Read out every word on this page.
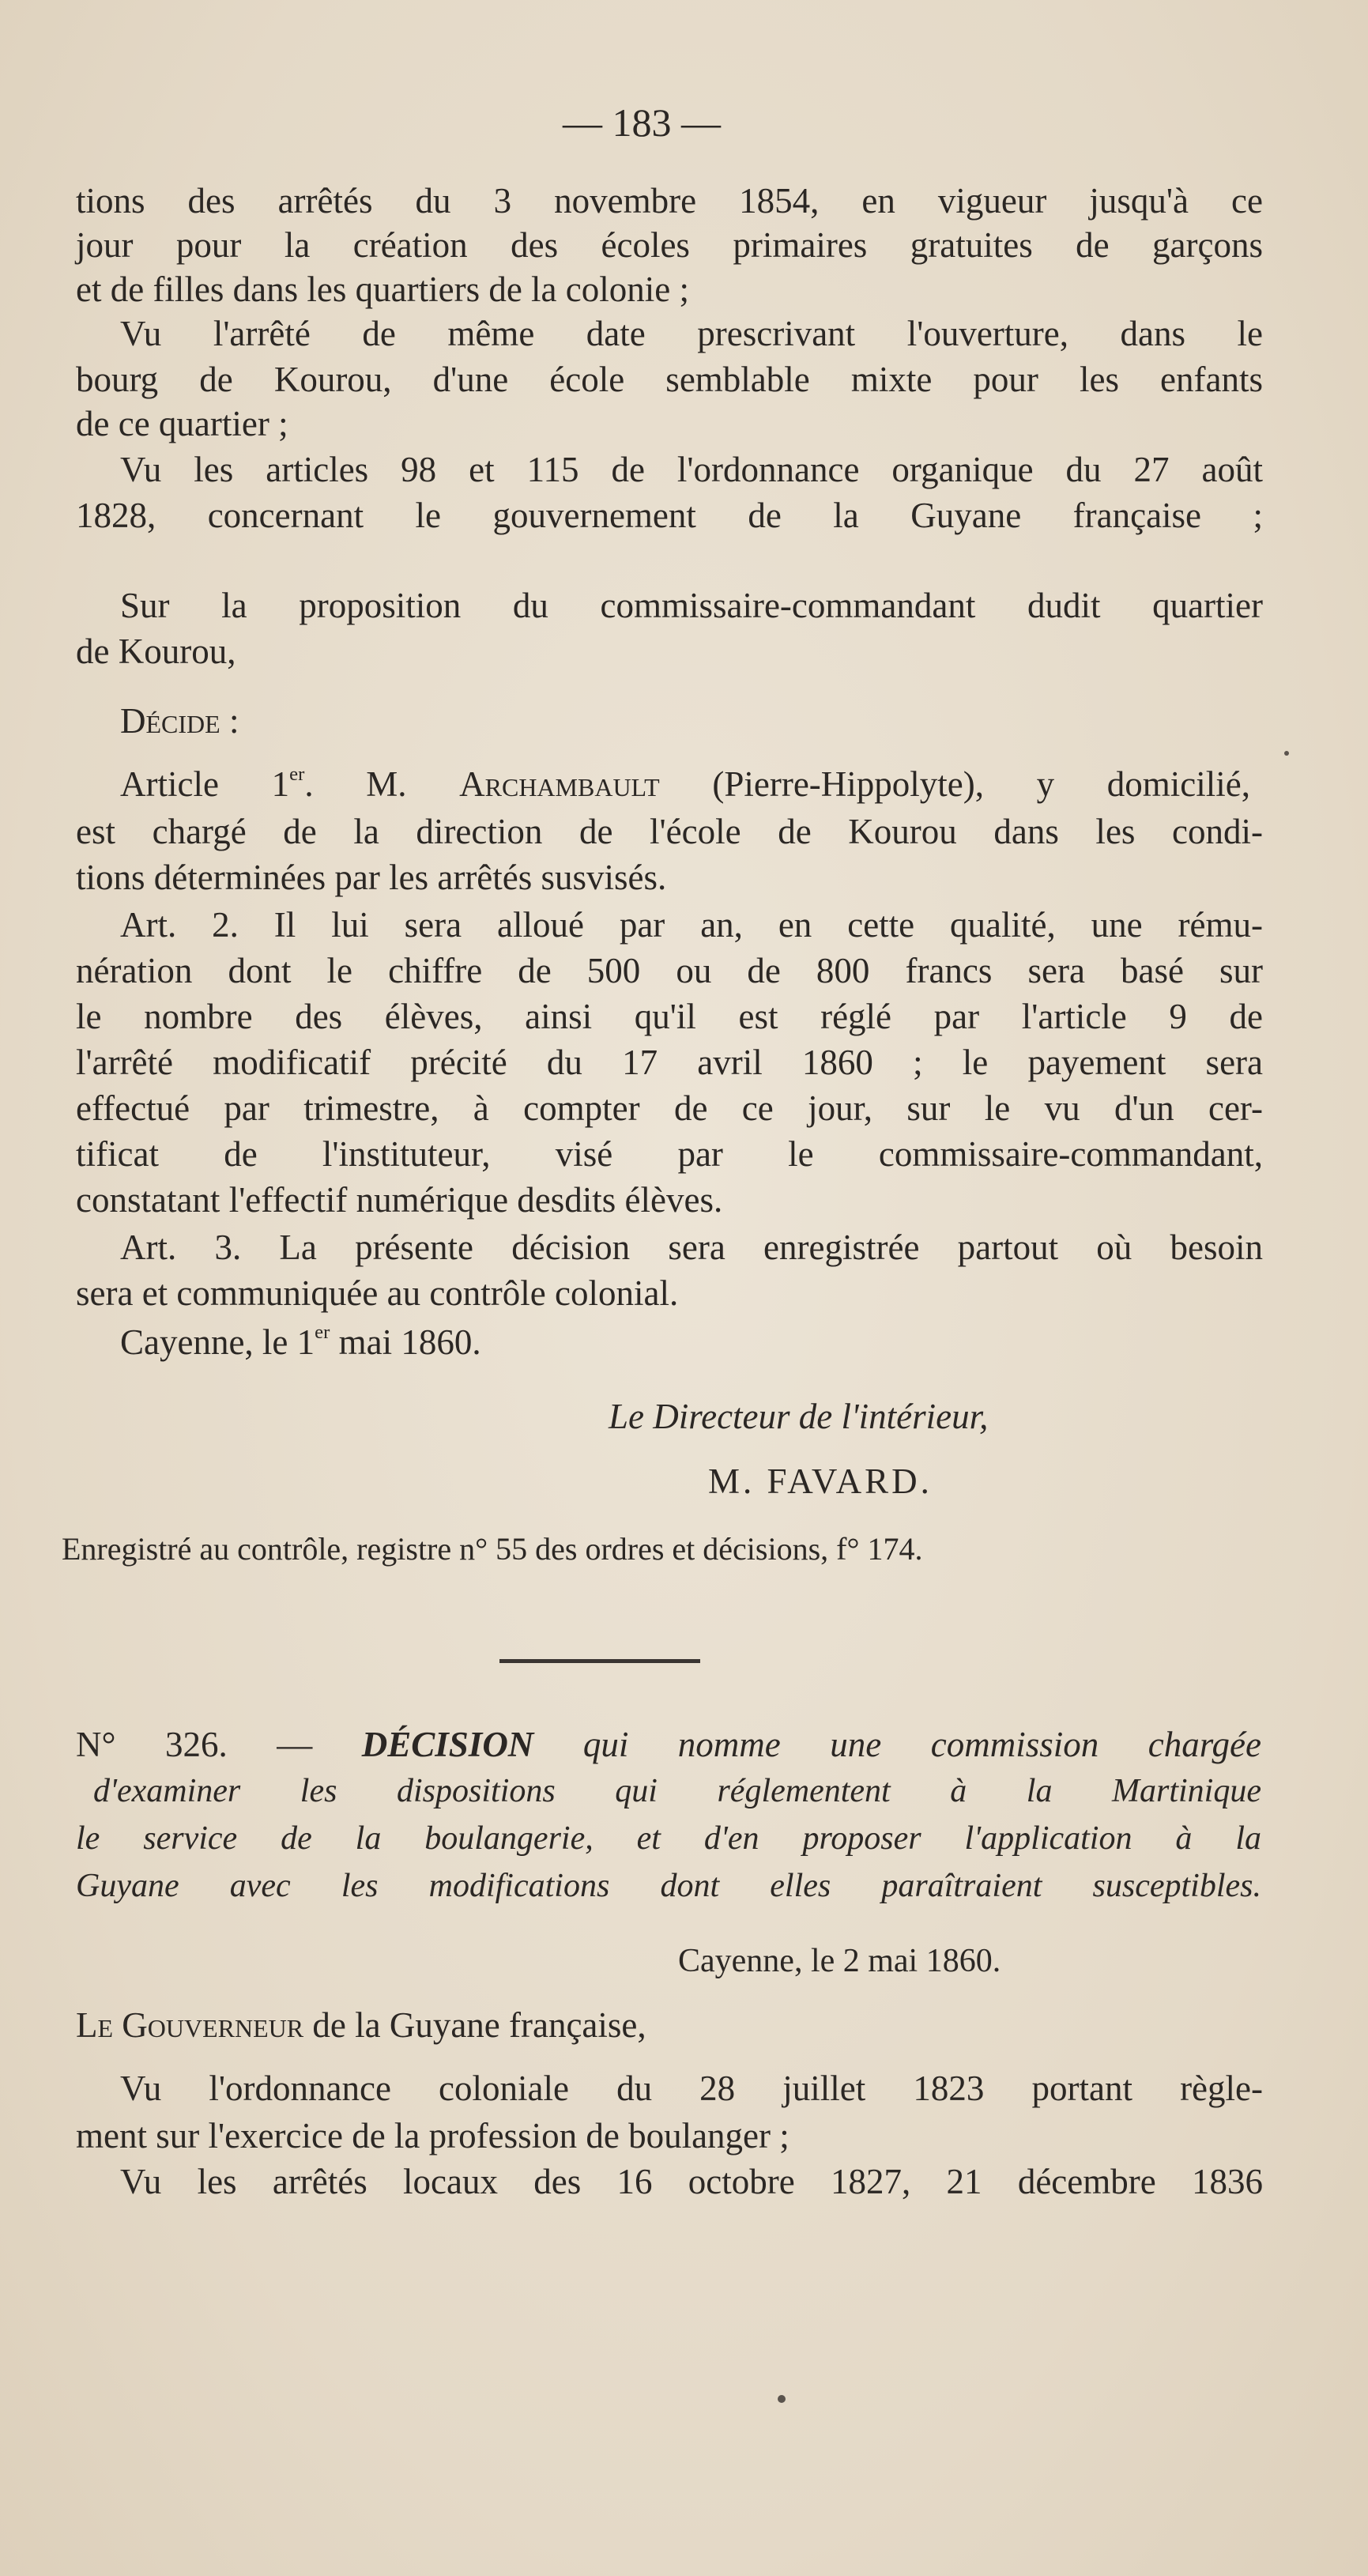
— 183 —
tions des arrêtés du 3 novembre 1854, en vigueur jusqu'à ce
jour pour la création des écoles primaires gratuites de garçons
et de filles dans les quartiers de la colonie ;
Vu l'arrêté de même date prescrivant l'ouverture, dans le
bourg de Kourou, d'une école semblable mixte pour les enfants
de ce quartier ;
Vu les articles 98 et 115 de l'ordonnance organique du 27 août
1828, concernant le gouvernement de la Guyane française ;
Sur la proposition du commissaire-commandant dudit quartier
de Kourou,
Décide :
Article 1er. M. Archambault (Pierre-Hippolyte), y domicilié,
est chargé de la direction de l'école de Kourou dans les condi-
tions déterminées par les arrêtés susvisés.
Art. 2. Il lui sera alloué par an, en cette qualité, une rému-
nération dont le chiffre de 500 ou de 800 francs sera basé sur
le nombre des élèves, ainsi qu'il est réglé par l'article 9 de
l'arrêté modificatif précité du 17 avril 1860 ; le payement sera
effectué par trimestre, à compter de ce jour, sur le vu d'un cer-
tificat de l'instituteur, visé par le commissaire-commandant,
constatant l'effectif numérique desdits élèves.
Art. 3. La présente décision sera enregistrée partout où besoin
sera et communiquée au contrôle colonial.
Cayenne, le 1er mai 1860.
Le Directeur de l'intérieur,
M. FAVARD.
Enregistré au contrôle, registre n° 55 des ordres et décisions, f° 174.
N° 326. — DÉCISION qui nomme une commission chargée
d'examiner les dispositions qui réglementent à la Martinique
le service de la boulangerie, et d'en proposer l'application à la
Guyane avec les modifications dont elles paraîtraient susceptibles.
Cayenne, le 2 mai 1860.
Le Gouverneur de la Guyane française,
Vu l'ordonnance coloniale du 28 juillet 1823 portant règle-
ment sur l'exercice de la profession de boulanger ;
Vu les arrêtés locaux des 16 octobre 1827, 21 décembre 1836
